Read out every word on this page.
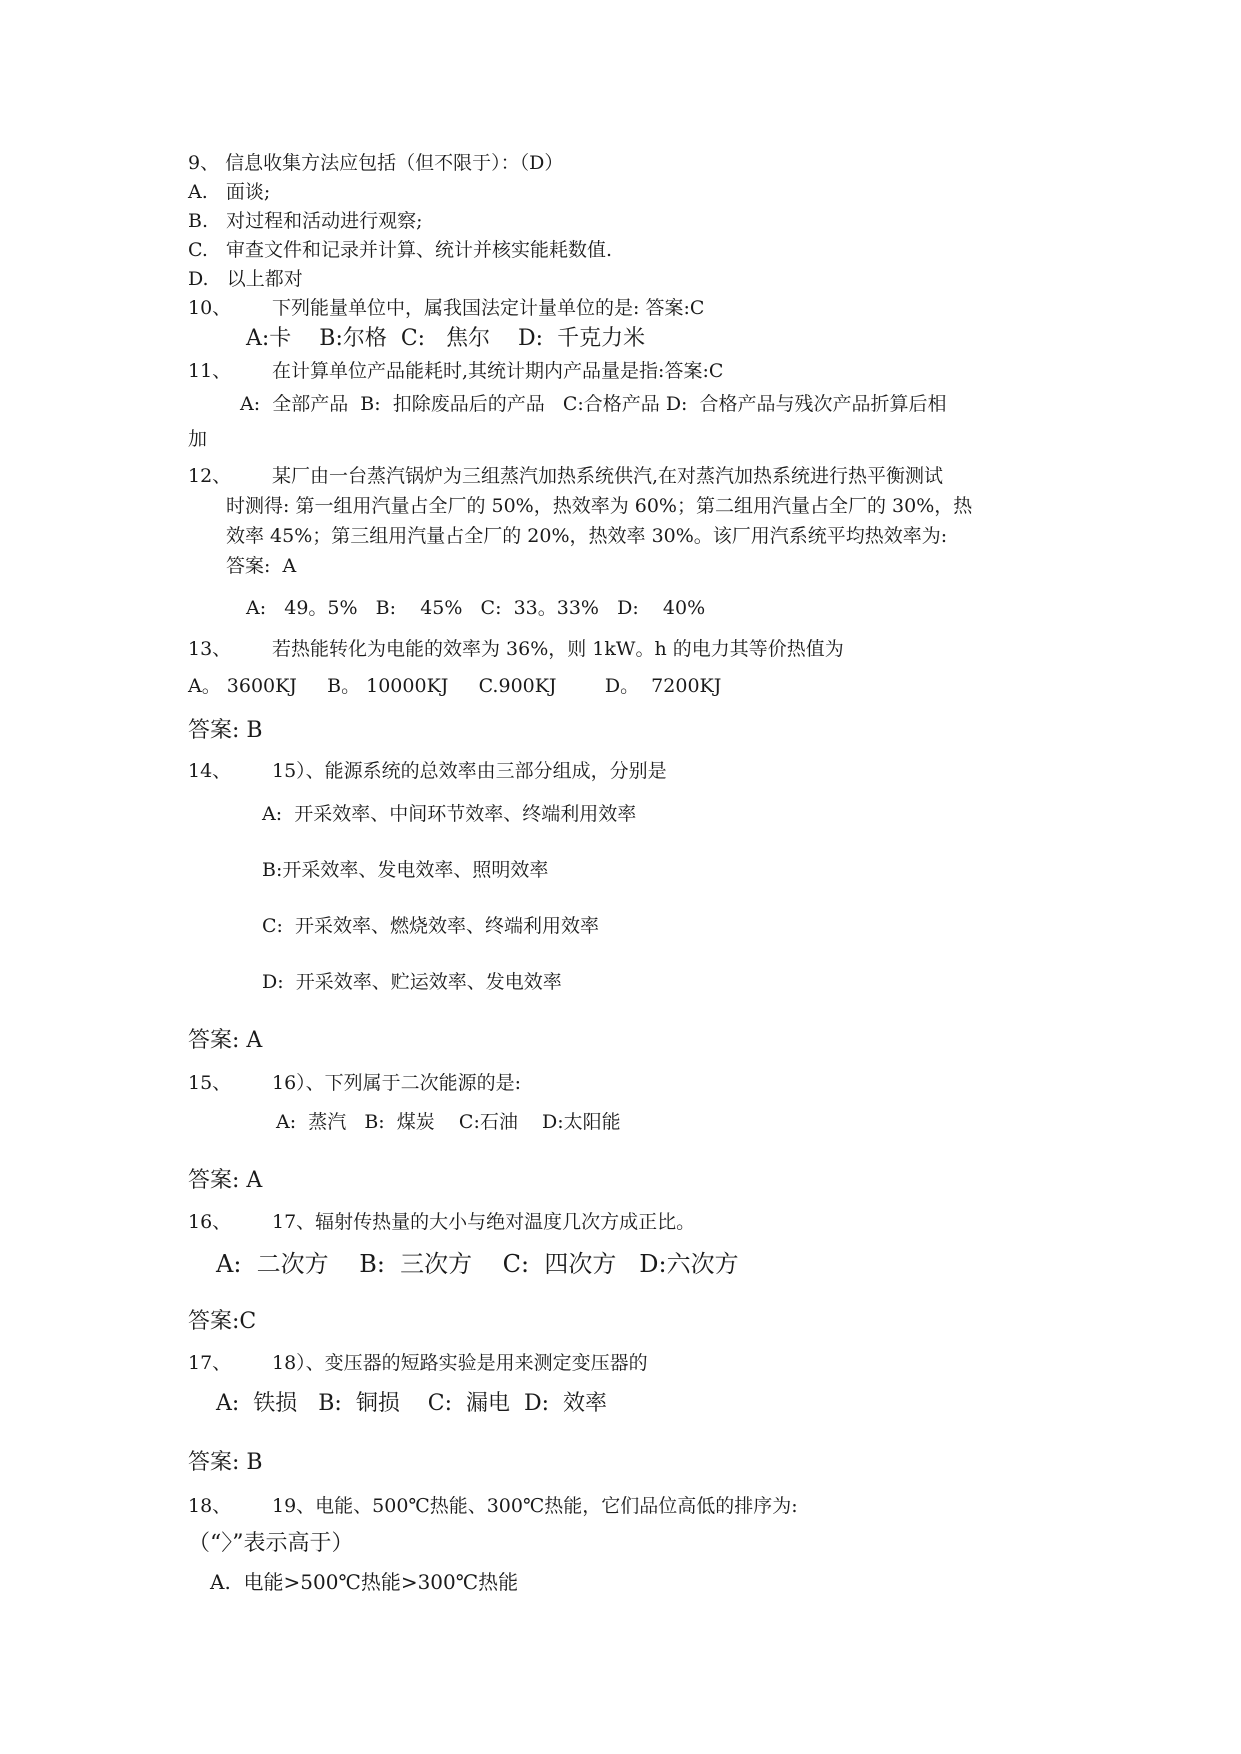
9、 信息收集方法应包括（但不限于）：（D）
A.   面谈;
B.   对过程和活动进行观察;
C.   审查文件和记录并计算、统计并核实能耗数值.
D.   以上都对
10、 下列能量单位中，属我国法定计量单位的是: 答案:C
A:卡    B:尔格  C:   焦尔    D:  千克力米
11、 在计算单位产品能耗时,其统计期内产品量是指:答案:C
A:  全部产品  B:  扣除废品后的产品   C:合格产品 D:  合格产品与残次产品折算后相
加
12、 某厂由一台蒸汽锅炉为三组蒸汽加热系统供汽,在对蒸汽加热系统进行热平衡测试
时测得: 第一组用汽量占全厂的 50%，热效率为 60%；第二组用汽量占全厂的 30%，热
效率 45%；第三组用汽量占全厂的 20%，热效率 30%。该厂用汽系统平均热效率为:
答案:  A
A:   49。5%   B:    45%   C:  33。33%   D:    40%
13、 若热能转化为电能的效率为 36%，则 1kW。h 的电力其等价热值为
A。 3600KJ     B。 10000KJ     C.900KJ        D。  7200KJ
答案: B
14、 15）、能源系统的总效率由三部分组成，分别是
A:  开采效率、中间环节效率、终端利用效率
B:开采效率、发电效率、照明效率
C:  开采效率、燃烧效率、终端利用效率
D:  开采效率、贮运效率、发电效率
答案: A
15、 16）、下列属于二次能源的是:
A:  蒸汽   B:  煤炭    C:石油    D:太阳能
答案: A
16、 17、辐射传热量的大小与绝对温度几次方成正比。
A:  二次方    B:  三次方    C:  四次方   D:六次方
答案:C
17、 18）、变压器的短路实验是用来测定变压器的
A:  铁损   B:  铜损    C:  漏电  D:  效率
答案: B
18、 19、电能、500℃热能、300℃热能，它们品位高低的排序为:
（“〉”表示高于）
A.  电能>500℃热能>300℃热能
